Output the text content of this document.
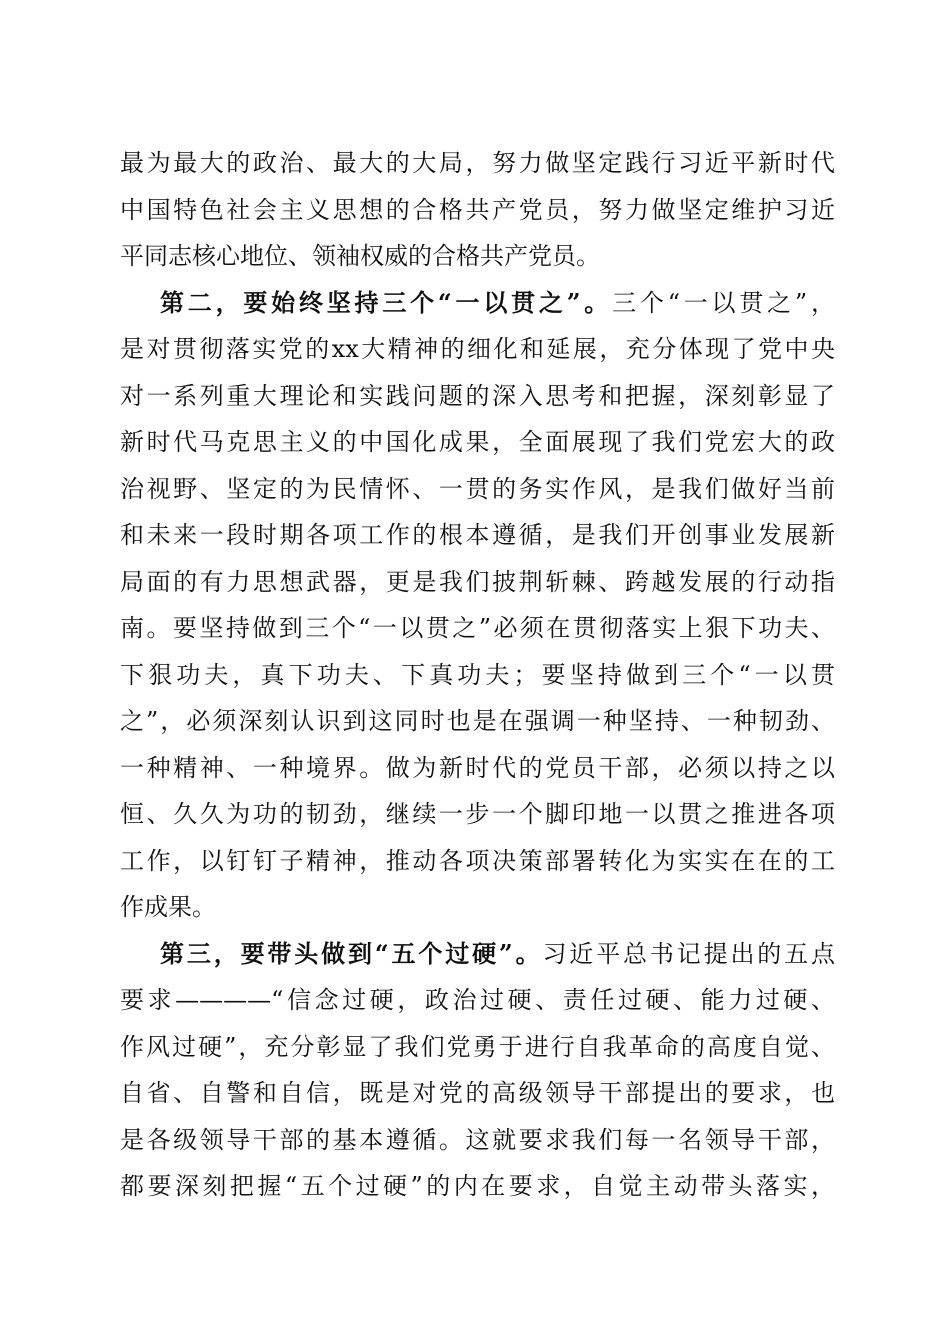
最为最大的政治、最大的大局，努力做坚定践行习近平新时代
中国特色社会主义思想的合格共产党员，努力做坚定维护习近
平同志核心地位、领袖权威的合格共产党员。
第二，要始终坚持三个“一以贯之”。三个“一以贯之”，
是对贯彻落实党的xx大精神的细化和延展，充分体现了党中央
对一系列重大理论和实践问题的深入思考和把握，深刻彰显了
新时代马克思主义的中国化成果，全面展现了我们党宏大的政
治视野、坚定的为民情怀、一贯的务实作风，是我们做好当前
和未来一段时期各项工作的根本遵循，是我们开创事业发展新
局面的有力思想武器，更是我们披荆斩棘、跨越发展的行动指
南。要坚持做到三个“一以贯之”必须在贯彻落实上狠下功夫、
下狠功夫，真下功夫、下真功夫；要坚持做到三个“一以贯
之”，必须深刻认识到这同时也是在强调一种坚持、一种韧劲、
一种精神、一种境界。做为新时代的党员干部，必须以持之以
恒、久久为功的韧劲，继续一步一个脚印地一以贯之推进各项
工作，以钉钉子精神，推动各项决策部署转化为实实在在的工
作成果。
第三，要带头做到“五个过硬”。习近平总书记提出的五点
要求————“信念过硬，政治过硬、责任过硬、能力过硬、
作风过硬”，充分彰显了我们党勇于进行自我革命的高度自觉、
自省、自警和自信，既是对党的高级领导干部提出的要求，也
是各级领导干部的基本遵循。这就要求我们每一名领导干部，
都要深刻把握“五个过硬”的内在要求，自觉主动带头落实，
